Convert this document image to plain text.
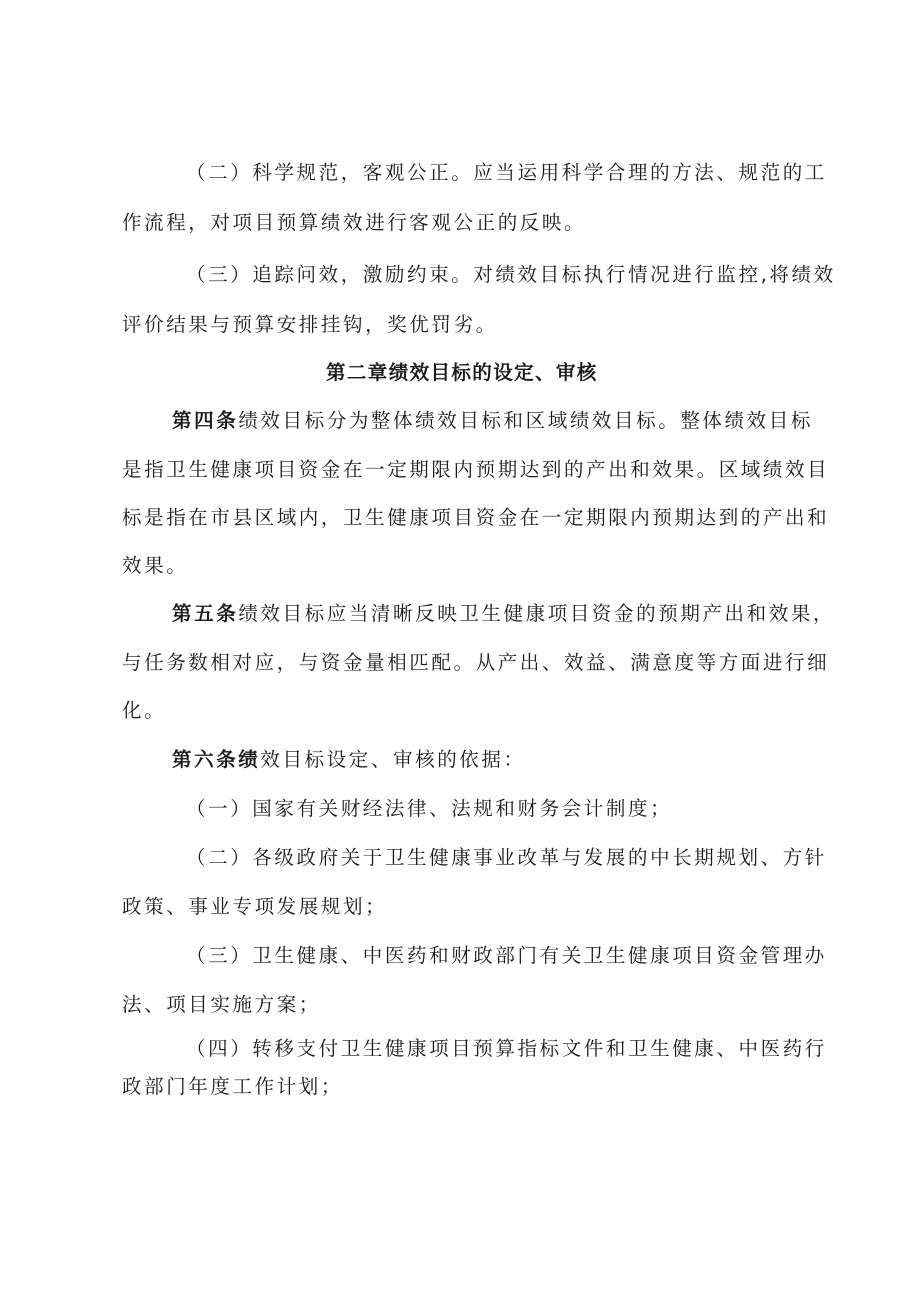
（二）科学规范，客观公正。应当运用科学合理的方法、规范的工

作流程，对项目预算绩效进行客观公正的反映。

（三）追踪问效，激励约束。对绩效目标执行情况进行监控,将绩效

评价结果与预算安排挂钩，奖优罚劣。

第二章绩效目标的设定、审核

第四条绩效目标分为整体绩效目标和区域绩效目标。整体绩效目标

是指卫生健康项目资金在一定期限内预期达到的产出和效果。区域绩效目

标是指在市县区域内，卫生健康项目资金在一定期限内预期达到的产出和

效果。

第五条绩效目标应当清晰反映卫生健康项目资金的预期产出和效果，

与任务数相对应，与资金量相匹配。从产出、效益、满意度等方面进行细

化。

第六条绩效目标设定、审核的依据：

（一）国家有关财经法律、法规和财务会计制度；

（二）各级政府关于卫生健康事业改革与发展的中长期规划、方针

政策、事业专项发展规划；

（三）卫生健康、中医药和财政部门有关卫生健康项目资金管理办

法、项目实施方案；

（四）转移支付卫生健康项目预算指标文件和卫生健康、中医药行

政部门年度工作计划；
